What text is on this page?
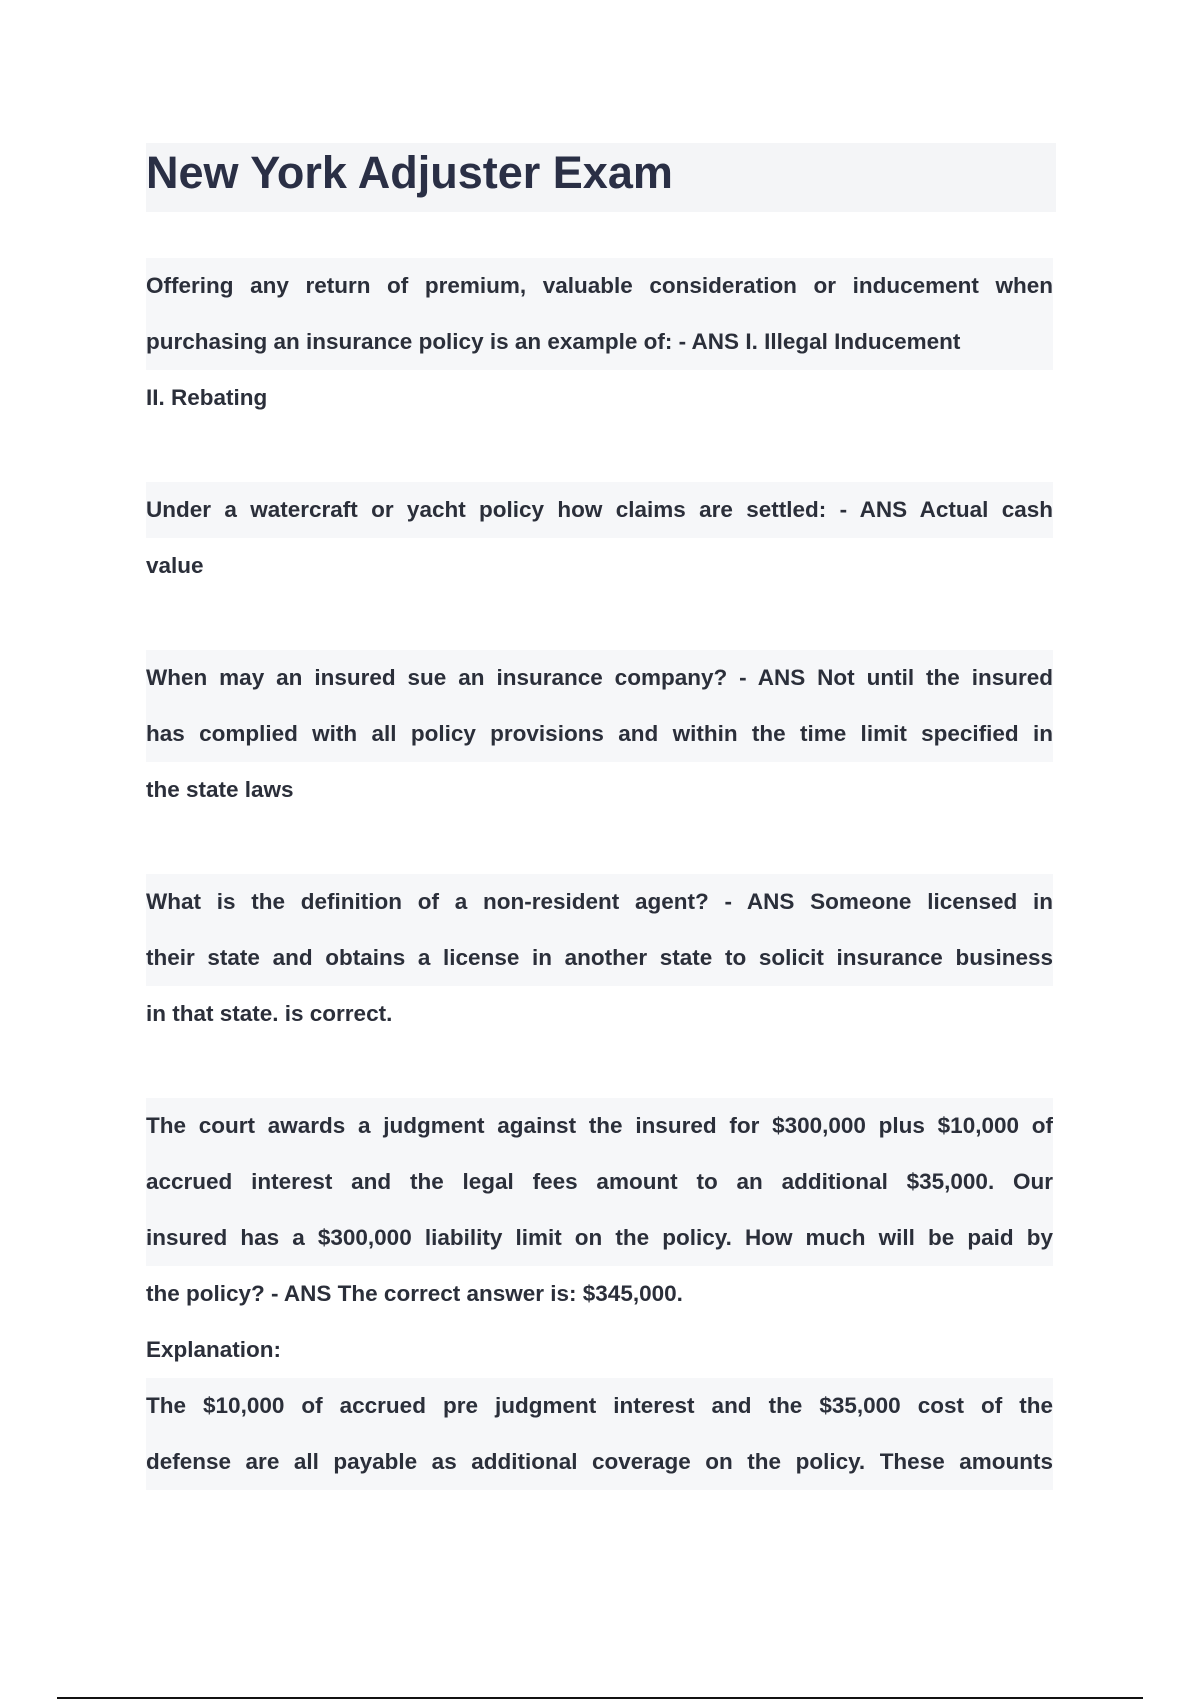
New York Adjuster Exam

Offering any return of premium, valuable consideration or inducement when

purchasing an insurance policy is an example of: - ANS I. Illegal Inducement

II. Rebating

Under a watercraft or yacht policy how claims are settled: - ANS Actual cash

value

When may an insured sue an insurance company? - ANS Not until the insured

has complied with all policy provisions and within the time limit specified in

the state laws

What is the definition of a non-resident agent? - ANS Someone licensed in

their state and obtains a license in another state to solicit insurance business

in that state. is correct.

The court awards a judgment against the insured for $300,000 plus $10,000 of

accrued interest and the legal fees amount to an additional $35,000. Our

insured has a $300,000 liability limit on the policy. How much will be paid by

the policy? - ANS The correct answer is: $345,000.

Explanation:

The $10,000 of accrued pre judgment interest and the $35,000 cost of the

defense are all payable as additional coverage on the policy. These amounts
